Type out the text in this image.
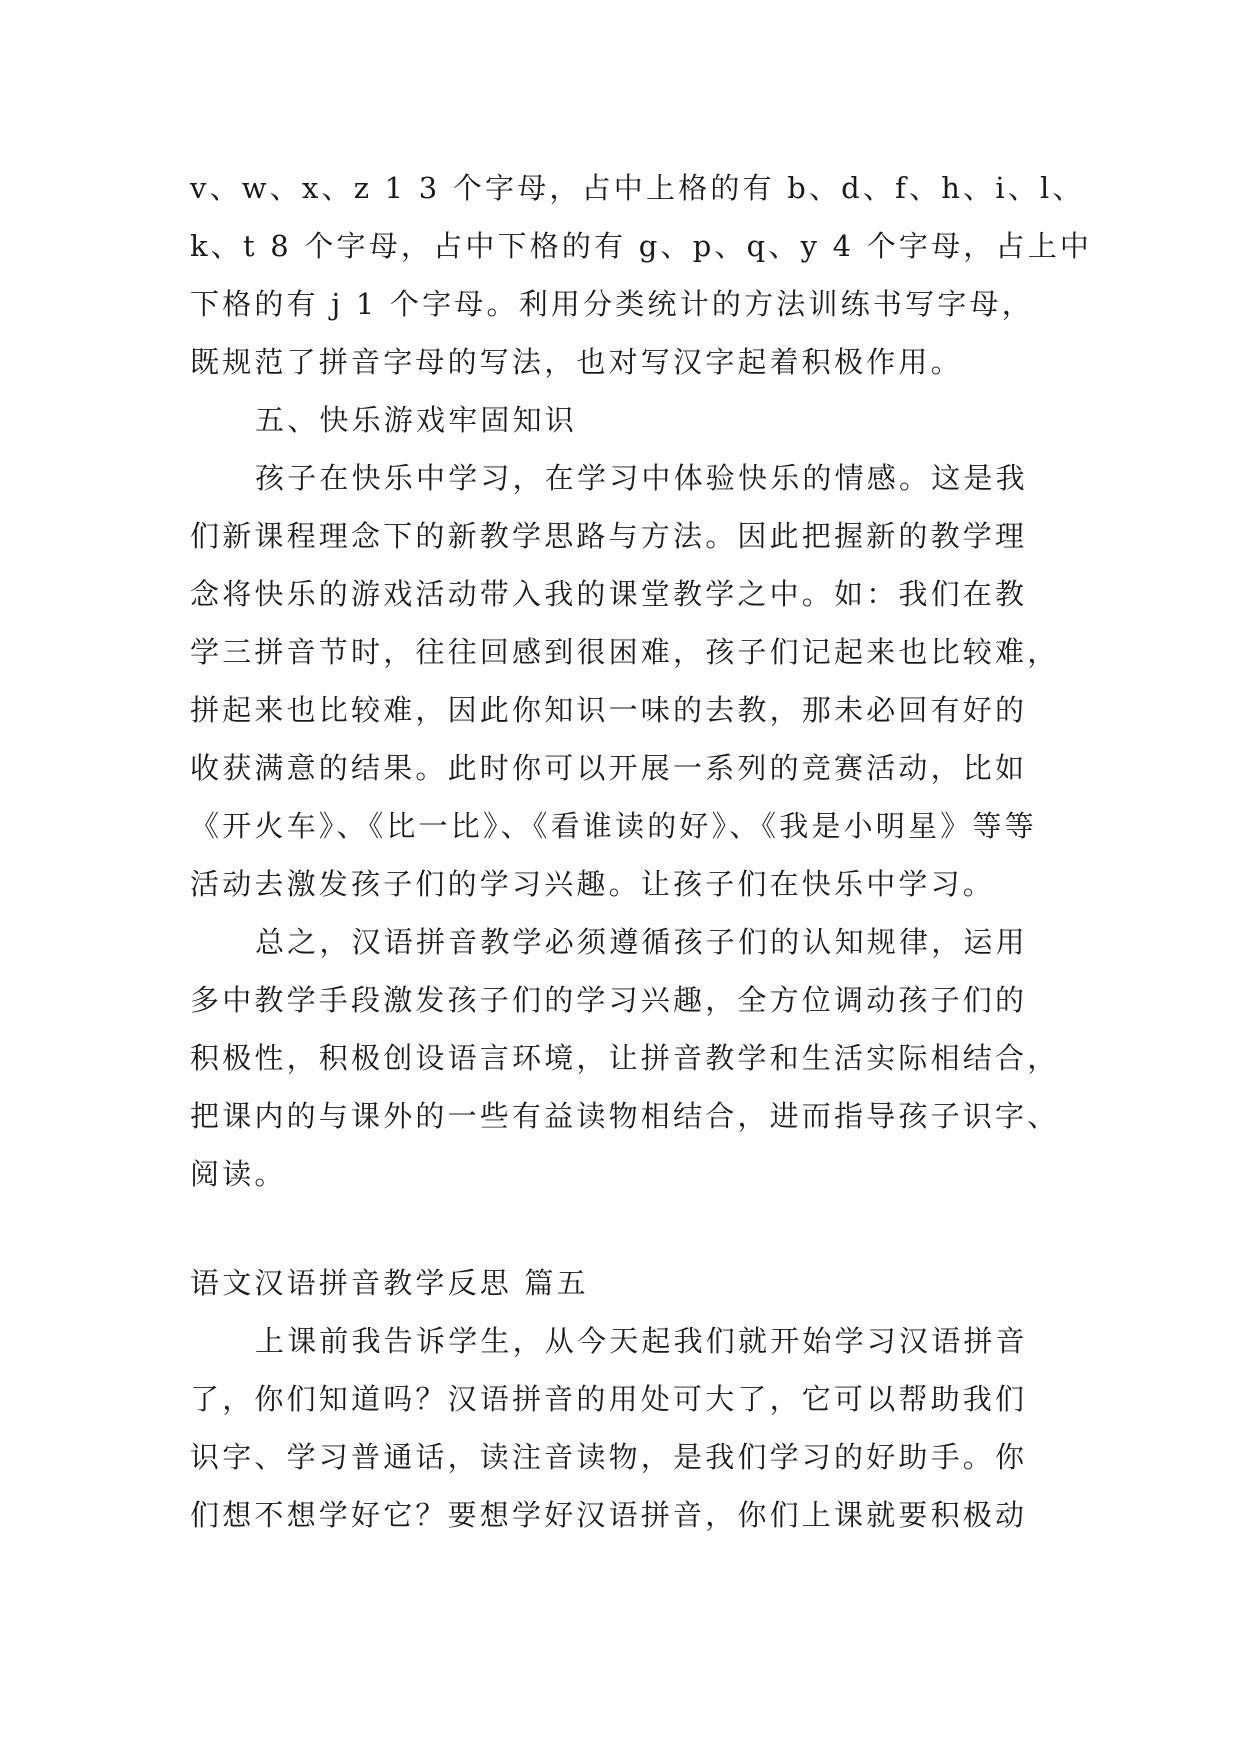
v、w、x、z 1 3 个字母，占中上格的有 b、d、f、h、i、l、
k、t 8 个字母，占中下格的有 g、p、q、y 4 个字母，占上中
下格的有 j 1 个字母。利用分类统计的方法训练书写字母，
既规范了拼音字母的写法，也对写汉字起着积极作用。
五、快乐游戏牢固知识
孩子在快乐中学习，在学习中体验快乐的情感。这是我
们新课程理念下的新教学思路与方法。因此把握新的教学理
念将快乐的游戏活动带入我的课堂教学之中。如：我们在教
学三拼音节时，往往回感到很困难，孩子们记起来也比较难，
拼起来也比较难，因此你知识一味的去教，那未必回有好的
收获满意的结果。此时你可以开展一系列的竞赛活动，比如
《开火车》、《比一比》、《看谁读的好》、《我是小明星》等等
活动去激发孩子们的学习兴趣。让孩子们在快乐中学习。
总之，汉语拼音教学必须遵循孩子们的认知规律，运用
多中教学手段激发孩子们的学习兴趣，全方位调动孩子们的
积极性，积极创设语言环境，让拼音教学和生活实际相结合，
把课内的与课外的一些有益读物相结合，进而指导孩子识字、
阅读。
语文汉语拼音教学反思 篇五
上课前我告诉学生，从今天起我们就开始学习汉语拼音
了，你们知道吗？汉语拼音的用处可大了，它可以帮助我们
识字、学习普通话，读注音读物，是我们学习的好助手。你
们想不想学好它？要想学好汉语拼音，你们上课就要积极动
